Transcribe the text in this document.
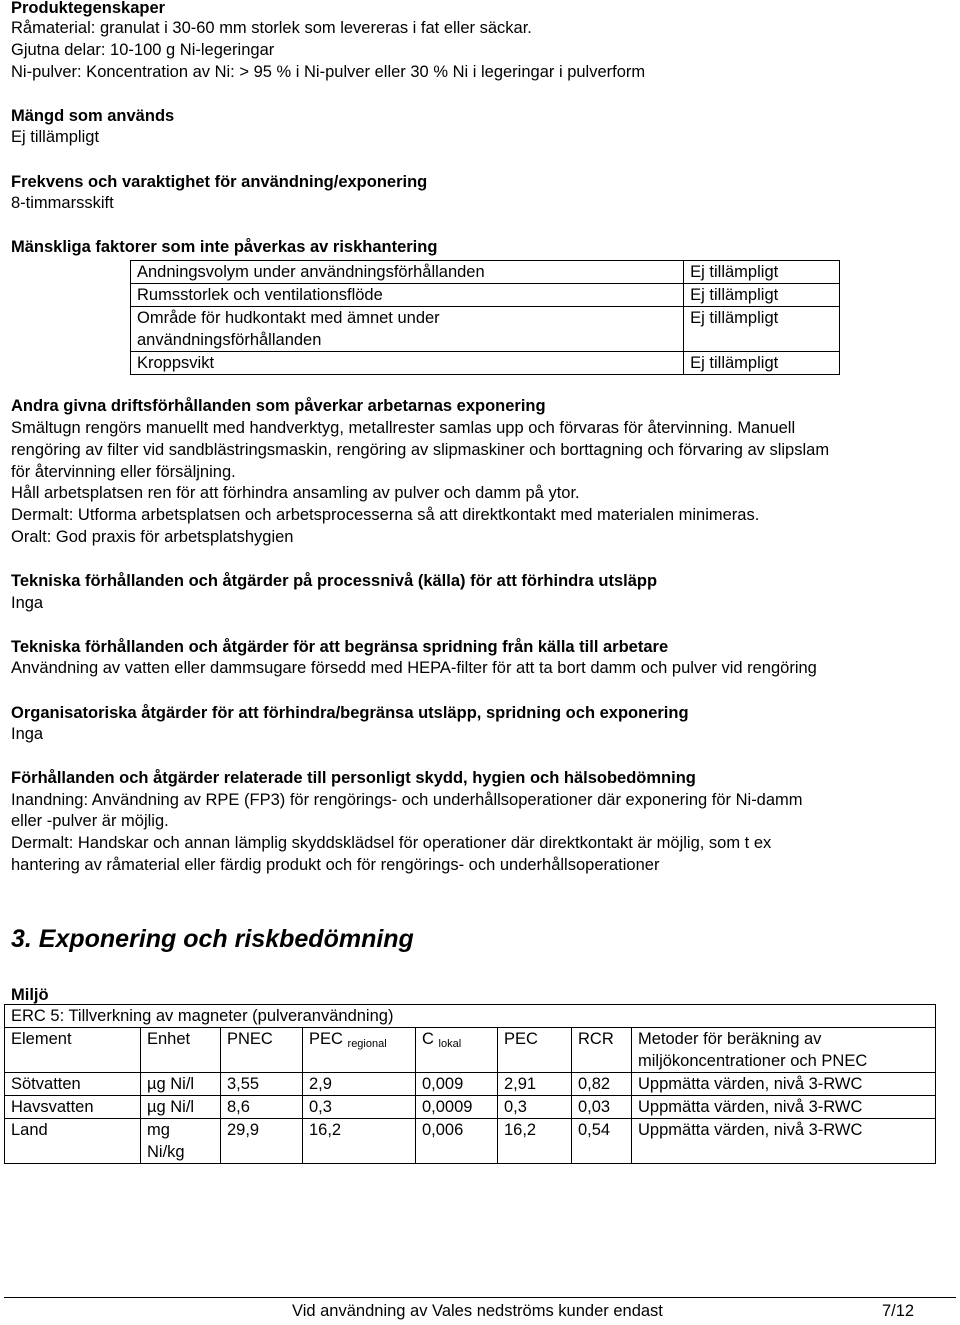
Produktegenskaper
Råmaterial: granulat i 30-60 mm storlek som levereras i fat eller säckar.
Gjutna delar: 10-100 g Ni-legeringar
Ni-pulver: Koncentration av Ni: > 95 % i Ni-pulver eller 30 % Ni i legeringar i pulverform
Mängd som används
Ej tillämpligt
Frekvens och varaktighet för användning/exponering
8-timmarsskift
Mänskliga faktorer som inte påverkas av riskhantering
Andningsvolym under användningsförhållanden	Ej tillämpligt
Rumsstorlek och ventilationsflöde	Ej tillämpligt

Område för hudkontakt med ämnet under
användningsförhållanden	Ej tillämpligt
Kroppsvikt	Ej tillämpligt
Andra givna driftsförhållanden som påverkar arbetarnas exponering
Smältugn rengörs manuellt med handverktyg, metallrester samlas upp och förvaras för återvinning. Manuell
rengöring av filter vid sandblästringsmaskin, rengöring av slipmaskiner och borttagning och förvaring av slipslam
för återvinning eller försäljning.
Håll arbetsplatsen ren för att förhindra ansamling av pulver och damm på ytor.
Dermalt: Utforma arbetsplatsen och arbetsprocesserna så att direktkontakt med materialen minimeras.
Oralt: God praxis för arbetsplatshygien
Tekniska förhållanden och åtgärder på processnivå (källa) för att förhindra utsläpp
Inga
Tekniska förhållanden och åtgärder för att begränsa spridning från källa till arbetare
Användning av vatten eller dammsugare försedd med HEPA-filter för att ta bort damm och pulver vid rengöring
Organisatoriska åtgärder för att förhindra/begränsa utsläpp, spridning och exponering
Inga
Förhållanden och åtgärder relaterade till personligt skydd, hygien och hälsobedömning
Inandning: Användning av RPE (FP3) för rengörings- och underhållsoperationer där exponering för Ni-damm
eller -pulver är möjlig.
Dermalt: Handskar och annan lämplig skyddsklädsel för operationer där direktkontakt är möjlig, som t ex
hantering av råmaterial eller färdig produkt och för rengörings- och underhållsoperationer
3. Exponering och riskbedömning
Miljö
ERC 5: Tillverkning av magneter (pulveranvändning)							
Element	Enhet	PNEC	PEC $_{regional}$	C $_{lokal}$	PEC	RCR	Metoder för beräkning av
miljökoncentrationer och PNEC

Sötvatten	µg Ni/l	3,55	2,9	0,009	2,91	0,82	Uppmätta värden, nivå 3-RWC
Havsvatten	µg Ni/l	8,6	0,3	0,0009	0,3	0,03	Uppmätta värden, nivå 3-RWC
Land	mg
Ni/kg	29,9	16,2	0,006	16,2	0,54	Uppmätta värden, nivå 3-RWC
Vid användning av Vales nedströms kunder endast	7/12
